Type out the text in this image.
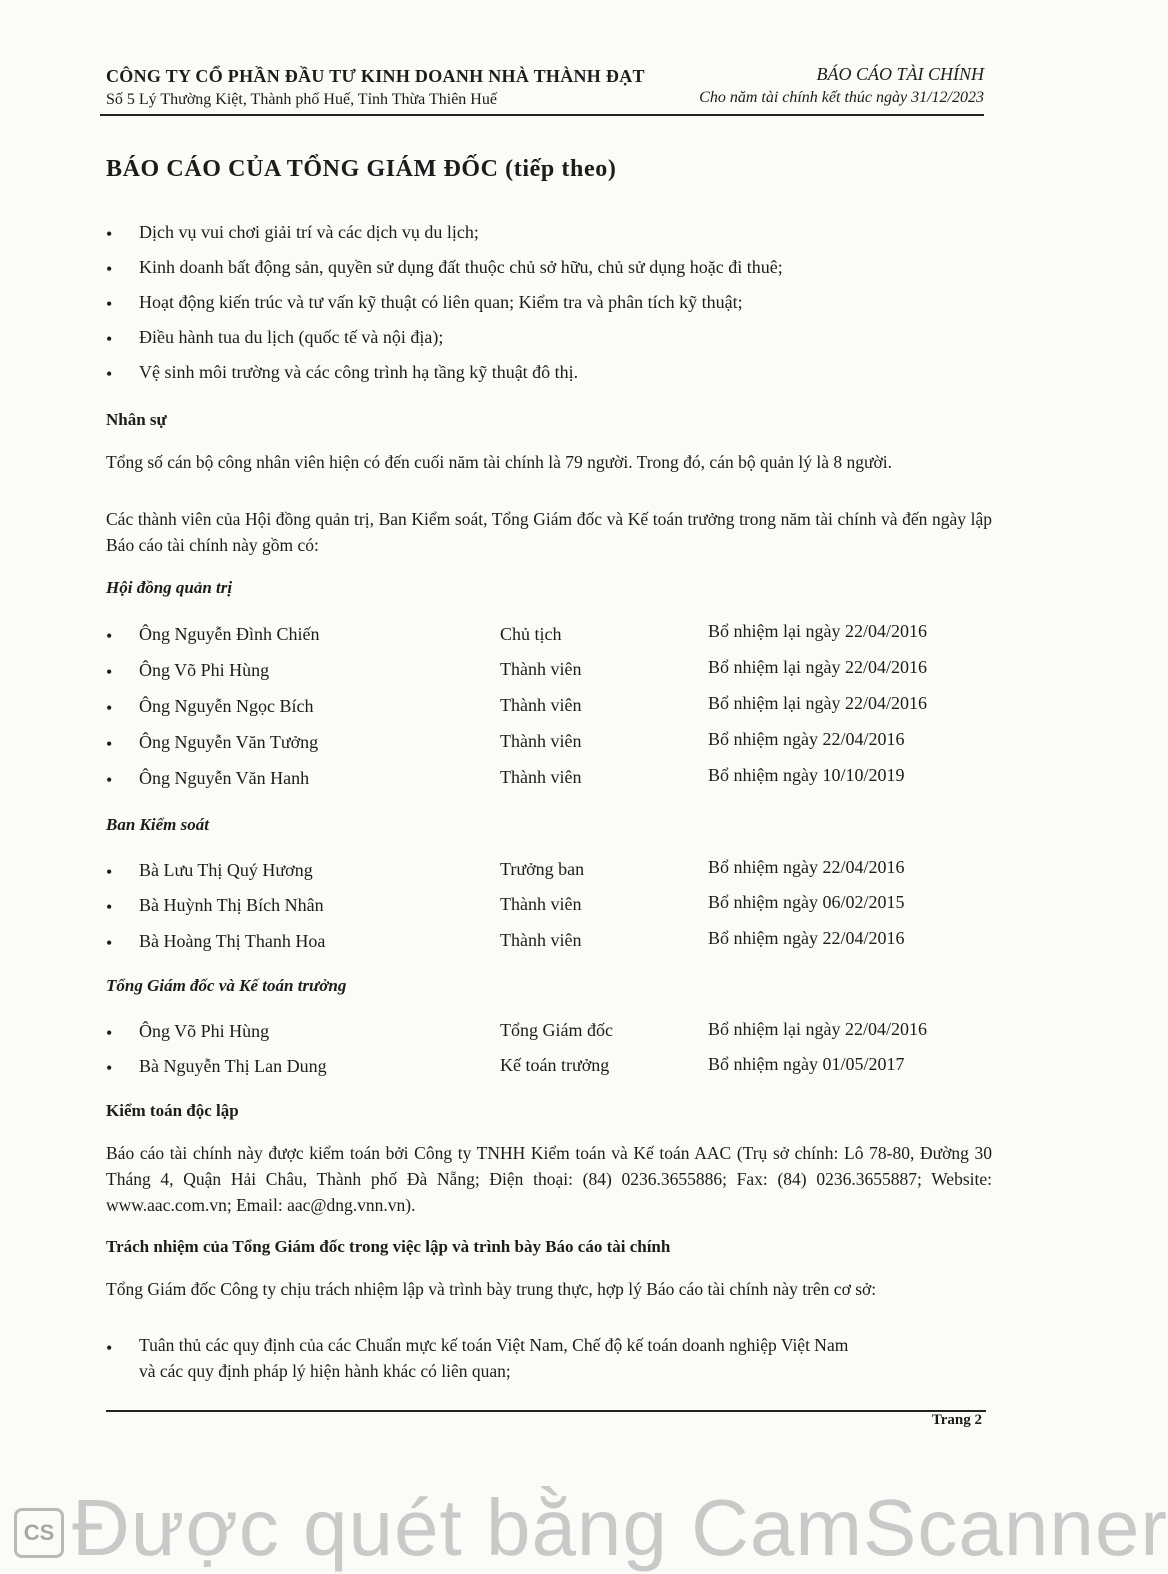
CÔNG TY CỔ PHẦN ĐẦU TƯ KINH DOANH NHÀ THÀNH ĐẠT
Số 5 Lý Thường Kiệt, Thành phố Huế, Tỉnh Thừa Thiên Huế
BÁO CÁO TÀI CHÍNH
Cho năm tài chính kết thúc ngày 31/12/2023
BÁO CÁO CỦA TỔNG GIÁM ĐỐC (tiếp theo)
• Dịch vụ vui chơi giải trí và các dịch vụ du lịch;
• Kinh doanh bất động sản, quyền sử dụng đất thuộc chủ sở hữu, chủ sử dụng hoặc đi thuê;
• Hoạt động kiến trúc và tư vấn kỹ thuật có liên quan; Kiểm tra và phân tích kỹ thuật;
• Điều hành tua du lịch (quốc tế và nội địa);
• Vệ sinh môi trường và các công trình hạ tầng kỹ thuật đô thị.
Nhân sự
Tổng số cán bộ công nhân viên hiện có đến cuối năm tài chính là 79 người. Trong đó, cán bộ quản lý là 8 người.
Các thành viên của Hội đồng quản trị, Ban Kiểm soát, Tổng Giám đốc và Kế toán trưởng trong năm tài chính và đến ngày lập Báo cáo tài chính này gồm có:
Hội đồng quản trị
• Ông Nguyễn Đình Chiến	Chủ tịch	Bổ nhiệm lại ngày 22/04/2016
• Ông Võ Phi Hùng	Thành viên	Bổ nhiệm lại ngày 22/04/2016
• Ông Nguyễn Ngọc Bích	Thành viên	Bổ nhiệm lại ngày 22/04/2016
• Ông Nguyễn Văn Tưởng	Thành viên	Bổ nhiệm ngày 22/04/2016
• Ông Nguyễn Văn Hanh	Thành viên	Bổ nhiệm ngày 10/10/2019
Ban Kiểm soát
• Bà Lưu Thị Quý Hương	Trưởng ban	Bổ nhiệm ngày 22/04/2016
• Bà Huỳnh Thị Bích Nhân	Thành viên	Bổ nhiệm ngày 06/02/2015
• Bà Hoàng Thị Thanh Hoa	Thành viên	Bổ nhiệm ngày 22/04/2016
Tổng Giám đốc và Kế toán trưởng
• Ông Võ Phi Hùng	Tổng Giám đốc	Bổ nhiệm lại ngày 22/04/2016
• Bà Nguyễn Thị Lan Dung	Kế toán trưởng	Bổ nhiệm ngày 01/05/2017
Kiểm toán độc lập
Báo cáo tài chính này được kiểm toán bởi Công ty TNHH Kiểm toán và Kế toán AAC (Trụ sở chính: Lô 78-80, Đường 30 Tháng 4, Quận Hải Châu, Thành phố Đà Nẵng; Điện thoại: (84) 0236.3655886; Fax: (84) 0236.3655887; Website: www.aac.com.vn; Email: aac@dng.vnn.vn).
Trách nhiệm của Tổng Giám đốc trong việc lập và trình bày Báo cáo tài chính
Tổng Giám đốc Công ty chịu trách nhiệm lập và trình bày trung thực, hợp lý Báo cáo tài chính này trên cơ sở:
• Tuân thủ các quy định của các Chuẩn mực kế toán Việt Nam, Chế độ kế toán doanh nghiệp Việt Nam
và các quy định pháp lý hiện hành khác có liên quan;
Trang 2
CS Được quét bằng CamScanner
